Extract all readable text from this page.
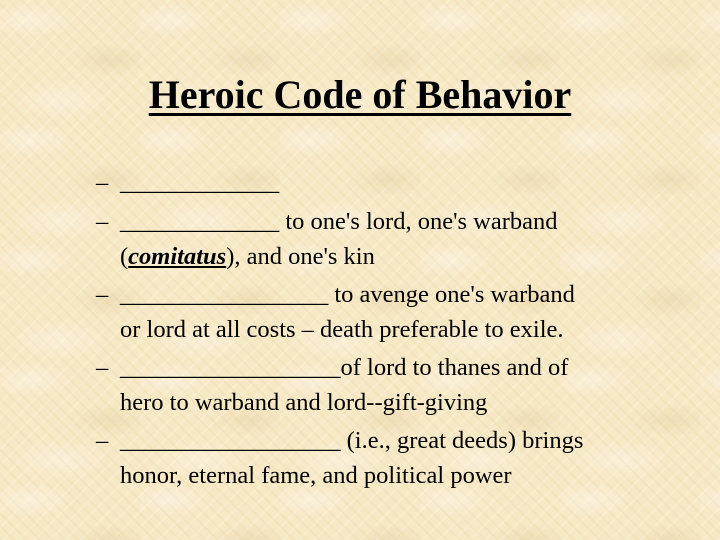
Heroic Code of Behavior
– _____________
– _____________ to one's lord, one's warband
(comitatus), and one's kin
– _________________ to avenge one's warband
or lord at all costs – death preferable to exile.
– __________________of lord to thanes and of
hero to warband and lord--gift-giving
– __________________ (i.e., great deeds) brings
honor, eternal fame, and political power
